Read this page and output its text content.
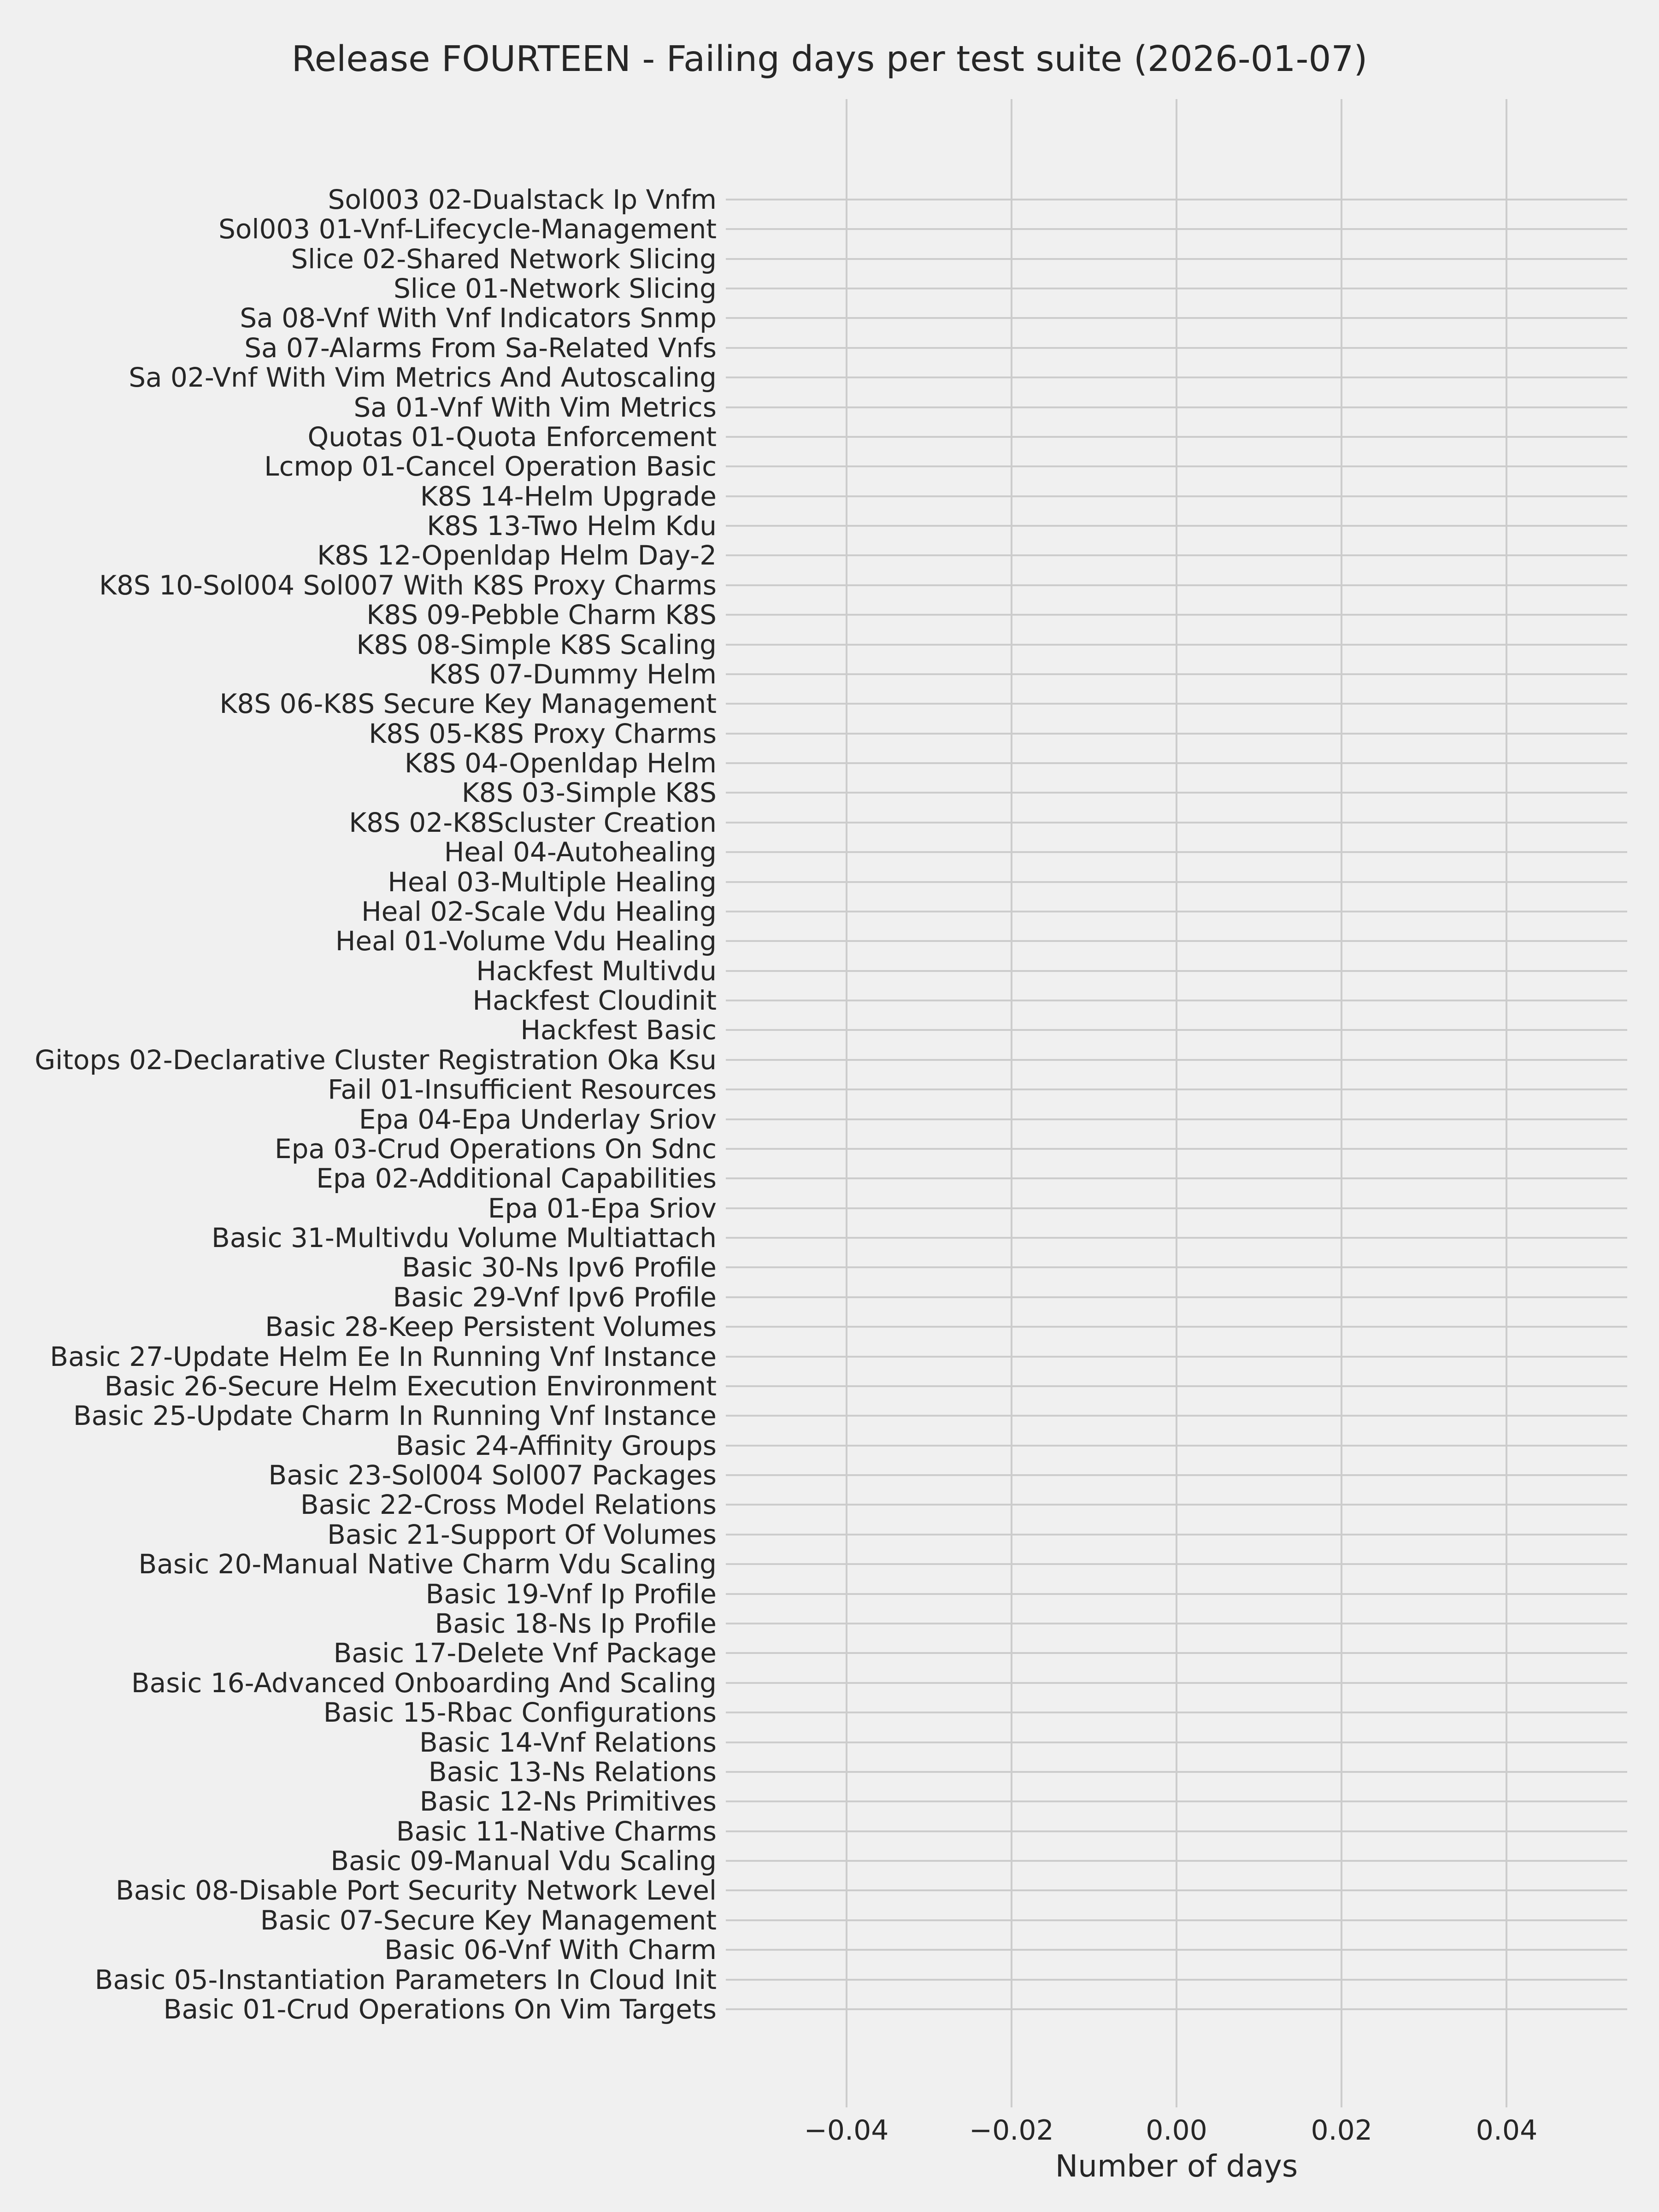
Release FOURTEEN - Failing days per test suite (2026-01-07)
Sol003 02-Dualstack Ip Vnfm
Sol003 01-Vnf-Lifecycle-Management
Slice 02-Shared Network Slicing
Slice 01-Network Slicing
Sa 08-Vnf With Vnf Indicators Snmp
Sa 07-Alarms From Sa-Related Vnfs
Sa 02-Vnf With Vim Metrics And Autoscaling
Sa 01-Vnf With Vim Metrics
Quotas 01-Quota Enforcement
Lcmop 01-Cancel Operation Basic
K8S 14-Helm Upgrade
K8S 13-Two Helm Kdu
K8S 12-Openldap Helm Day-2
K8S 10-Sol004 Sol007 With K8S Proxy Charms
K8S 09-Pebble Charm K8S
K8S 08-Simple K8S Scaling
K8S 07-Dummy Helm
K8S 06-K8S Secure Key Management
K8S 05-K8S Proxy Charms
K8S 04-Openldap Helm
K8S 03-Simple K8S
K8S 02-K8Scluster Creation
Heal 04-Autohealing
Heal 03-Multiple Healing
Heal 02-Scale Vdu Healing
Heal 01-Volume Vdu Healing
Hackfest Multivdu
Hackfest Cloudinit
Hackfest Basic
Gitops 02-Declarative Cluster Registration Oka Ksu
Fail 01-Insufficient Resources
Epa 04-Epa Underlay Sriov
Epa 03-Crud Operations On Sdnc
Epa 02-Additional Capabilities
Epa 01-Epa Sriov
Basic 31-Multivdu Volume Multiattach
Basic 30-Ns Ipv6 Profile
Basic 29-Vnf Ipv6 Profile
Basic 28-Keep Persistent Volumes
Basic 27-Update Helm Ee In Running Vnf Instance
Basic 26-Secure Helm Execution Environment
Basic 25-Update Charm In Running Vnf Instance
Basic 24-Affinity Groups
Basic 23-Sol004 Sol007 Packages
Basic 22-Cross Model Relations
Basic 21-Support Of Volumes
Basic 20-Manual Native Charm Vdu Scaling
Basic 19-Vnf Ip Profile
Basic 18-Ns Ip Profile
Basic 17-Delete Vnf Package
Basic 16-Advanced Onboarding And Scaling
Basic 15-Rbac Configurations
Basic 14-Vnf Relations
Basic 13-Ns Relations
Basic 12-Ns Primitives
Basic 11-Native Charms
Basic 09-Manual Vdu Scaling
Basic 08-Disable Port Security Network Level
Basic 07-Secure Key Management
Basic 06-Vnf With Charm
Basic 05-Instantiation Parameters In Cloud Init
Basic 01-Crud Operations On Vim Targets
−0.04	−0.02	0.00	0.02	0.04
Number of days
